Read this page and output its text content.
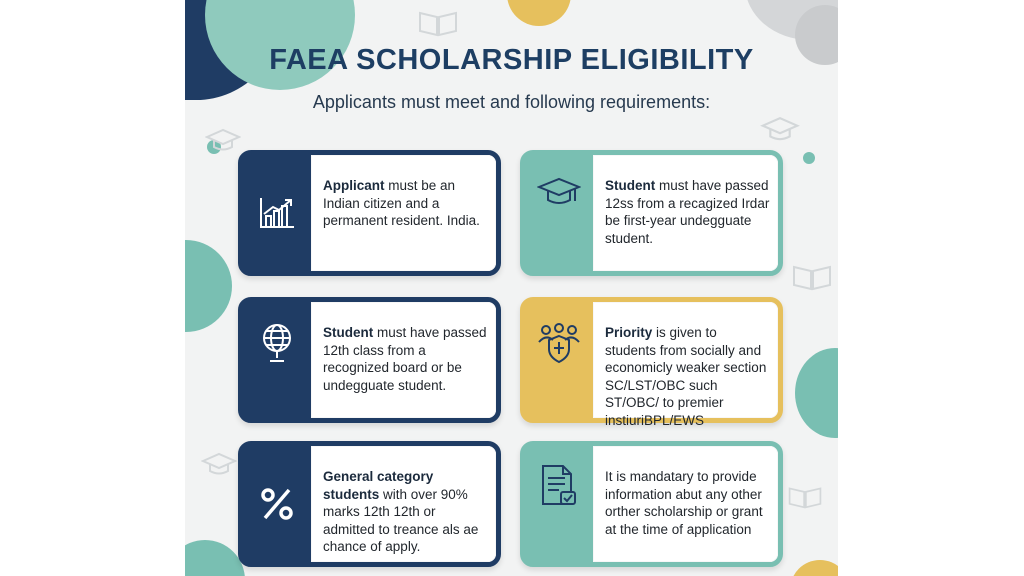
FAEA SCHOLARSHIP ELIGIBILITY
Applicants must meet and following requirements:
Applicant must be an Indian citizen and a permanent resident. India.
Student must have passed 12ss from a recagized Irdar be first-year undegguate student.
Student must have passed 12th class from a recognized board or be undegguate student.
Priority is given to students from socially and economicly weaker section SC/LST/OBC such ST/OBC/ to premier instiuriBPL/EWS
General category students with over 90% marks 12th 12th or admitted to treance als ae chance of apply.
It is mandatary to provide information abut any other orther scholarship or grant at the time of application
